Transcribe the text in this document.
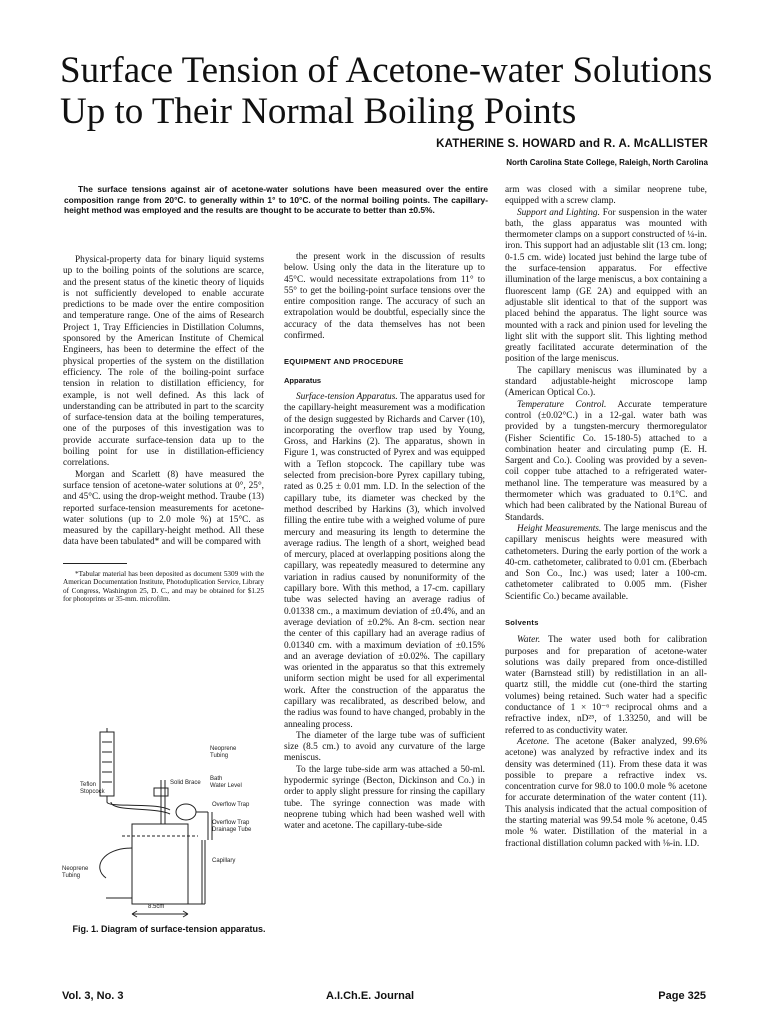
Surface Tension of Acetone-water Solutions
Up to Their Normal Boiling Points
KATHERINE S. HOWARD and R. A. McALLISTER
North Carolina State College, Raleigh, North Carolina

The surface tensions against air of acetone-water solutions have been measured over the entire composition range from 20°C. to generally within 1° to 10°C. of the normal boiling points. The capillary-height method was employed and the results are thought to be accurate to better than ±0.5%.

Physical-property data for binary liquid systems up to the boiling points of the solutions are scarce, and the present status of the kinetic theory of liquids is not sufficiently developed to enable accurate predictions to be made over the entire composition and temperature range. One of the aims of Research Project 1, Tray Efficiencies in Distillation Columns, sponsored by the American Institute of Chemical Engineers, has been to determine the effect of the physical properties of the system on the distillation efficiency. The role of the boiling-point surface tension in relation to distillation efficiency, for example, is not well defined. As this lack of understanding can be attributed in part to the scarcity of surface-tension data at the boiling temperatures, one of the purposes of this investigation was to provide accurate surface-tension data up to the boiling point for use in distillation-efficiency correlations.

Morgan and Scarlett (8) have measured the surface tension of acetone-water solutions at 0°, 25°, and 45°C. using the drop-weight method. Traube (13) reported surface-tension measurements for acetone-water solutions (up to 2.0 mole %) at 15°C. as measured by the capillary-height method. All these data have been tabulated* and will be compared with

*Tabular material has been deposited as document 5309 with the American Documentation Institute, Photoduplication Service, Library of Congress, Washington 25, D. C., and may be obtained for $1.25 for photoprints or 35-mm. microfilm.

Neoprene
Tubing
Teflon
Stopcock
Solid Brace
Bath
Water Level
Overflow Trap
Overflow Trap
Drainage Tube
Neoprene
Tubing
Capillary
8.5cm
Fig. 1. Diagram of surface-tension apparatus.

the present work in the discussion of results below. Using only the data in the literature up to 45°C. would necessitate extrapolations from 11° to 55° to get the boiling-point surface tensions over the entire composition range. The accuracy of such an extrapolation would be doubtful, especially since the accuracy of the data themselves has not been confirmed.

EQUIPMENT AND PROCEDURE
Apparatus

Surface-tension Apparatus. The apparatus used for the capillary-height measurement was a modification of the design suggested by Richards and Carver (10), incorporating the overflow trap used by Young, Gross, and Harkins (2). The apparatus, shown in Figure 1, was constructed of Pyrex and was equipped with a Teflon stopcock. The capillary tube was selected from precision-bore Pyrex capillary tubing, rated as 0.25 ± 0.01 mm. I.D. In the selection of the capillary tube, its diameter was checked by the method described by Harkins (3), which involved filling the entire tube with a weighed volume of pure mercury and measuring its length to determine the average radius. The length of a short, weighed bead of mercury, placed at overlapping positions along the capillary, was repeatedly measured to determine any variation in radius caused by nonuniformity of the capillary bore. With this method, a 17-cm. capillary tube was selected having an average radius of 0.01338 cm., a maximum deviation of ±0.4%, and an average deviation of ±0.2%. An 8-cm. section near the center of this capillary had an average radius of 0.01340 cm. with a maximum deviation of ±0.15% and an average deviation of ±0.02%. The capillary was oriented in the apparatus so that this extremely uniform section might be used for all experimental work. After the construction of the apparatus the capillary was recalibrated, as described below, and the radius was found to have changed, probably in the annealing process.

The diameter of the large tube was of sufficient size (8.5 cm.) to avoid any curvature of the large meniscus.

To the large tube-side arm was attached a 50-ml. hypodermic syringe (Becton, Dickinson and Co.) in order to apply slight pressure for rinsing the capillary tube. The syringe connection was made with neoprene tubing which had been washed well with water and acetone. The capillary-tube-side

arm was closed with a similar neoprene tube, equipped with a screw clamp.

Support and Lighting. For suspension in the water bath, the glass apparatus was mounted with thermometer clamps on a support constructed of ¼-in. iron. This support had an adjustable slit (13 cm. long; 0-1.5 cm. wide) located just behind the large tube of the surface-tension apparatus. For effective illumination of the large meniscus, a box containing a fluorescent lamp (GE 2A) and equipped with an adjustable slit identical to that of the support was placed behind the apparatus. The light source was mounted with a rack and pinion used for leveling the light slit with the support slit. This lighting method greatly facilitated accurate determination of the position of the large meniscus.

The capillary meniscus was illuminated by a standard adjustable-height microscope lamp (American Optical Co.).

Temperature Control. Accurate temperature control (±0.02°C.) in a 12-gal. water bath was provided by a tungsten-mercury thermoregulator (Fisher Scientific Co. 15-180-5) attached to a combination heater and circulating pump (E. H. Sargent and Co.). Cooling was provided by a seven-coil copper tube attached to a refrigerated water-methanol line. The temperature was measured by a thermometer which was graduated to 0.1°C. and which had been calibrated by the National Bureau of Standards.

Height Measurements. The large meniscus and the capillary meniscus heights were measured with cathetometers. During the early portion of the work a 40-cm. cathetometer, calibrated to 0.01 cm. (Eberbach and Son Co., Inc.) was used; later a 100-cm. cathetometer calibrated to 0.005 mm. (Fisher Scientific Co.) became available.

Solvents

Water. The water used both for calibration purposes and for preparation of acetone-water solutions was daily prepared from once-distilled water (Barnstead still) by redistillation in an all-quartz still, the middle cut (one-third the starting volumes) being retained. Such water had a specific conductance of 1 × 10⁻⁶ reciprocal ohms and a refractive index, nD²⁵, of 1.33250, and will be referred to as conductivity water.

Acetone. The acetone (Baker analyzed, 99.6% acetone) was analyzed by refractive index and its density was determined (11). From these data it was possible to prepare a refractive index vs. concentration curve for 98.0 to 100.0 mole % acetone for accurate determination of the water content (11). This analysis indicated that the actual composition of the starting material was 99.54 mole % acetone, 0.45 mole % water. Distillation of the material in a fractional distillation column packed with ⅛-in. I.D.

Vol. 3, No. 3	A.I.Ch.E. Journal	Page 325
